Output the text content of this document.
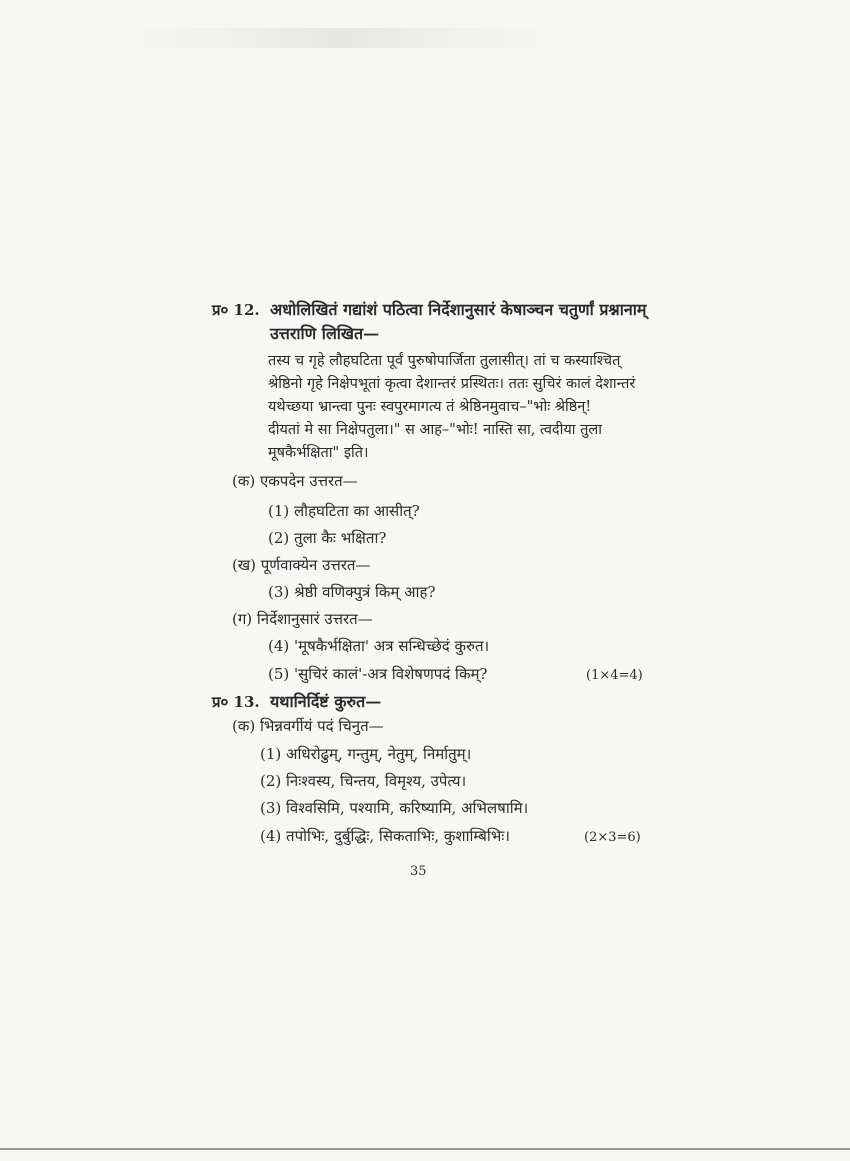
प्र० 12. अधोलिखितं गद्यांशं पठित्वा निर्देशानुसारं केषाञ्चन चतुर्णां प्रश्नानाम्
उत्तराणि लिखित—
तस्य च गृहे लौहघटिता पूर्वं पुरुषोपार्जिता तुलासीत्। तां च कस्याश्चित्
श्रेष्ठिनो गृहे निक्षेपभूतां कृत्वा देशान्तरं प्रस्थितः। ततः सुचिरं कालं देशान्तरं
यथेच्छया भ्रान्त्वा पुनः स्वपुरमागत्य तं श्रेष्ठिनमुवाच–"भोः श्रेष्ठिन्!
दीयतां मे सा निक्षेपतुला।" स आह–"भोः! नास्ति सा, त्वदीया तुला
मूषकैर्भक्षिता" इति।
(क) एकपदेन उत्तरत—
(1) लौहघटिता का आसीत्?
(2) तुला कैः भक्षिता?
(ख) पूर्णवाक्येन उत्तरत—
(3) श्रेष्ठी वणिक्पुत्रं किम् आह?
(ग) निर्देशानुसारं उत्तरत—
(4) 'मूषकैर्भक्षिता' अत्र सन्धिच्छेदं कुरुत।
(5) 'सुचिरं कालं'-अत्र विशेषणपदं किम्?	(1×4=4)
प्र० 13. यथानिर्दिष्टं कुरुत—
(क) भिन्नवर्गीयं पदं चिनुत—
(1) अधिरोढुम्, गन्तुम्, नेतुम्, निर्मातुम्।
(2) निःश्वस्य, चिन्तय, विमृश्य, उपेत्य।
(3) विश्वसिमि, पश्यामि, करिष्यामि, अभिलषामि।
(4) तपोभिः, दुर्बुद्धिः, सिकताभिः, कुशाम्बिभिः।	(2×3=6)
35
